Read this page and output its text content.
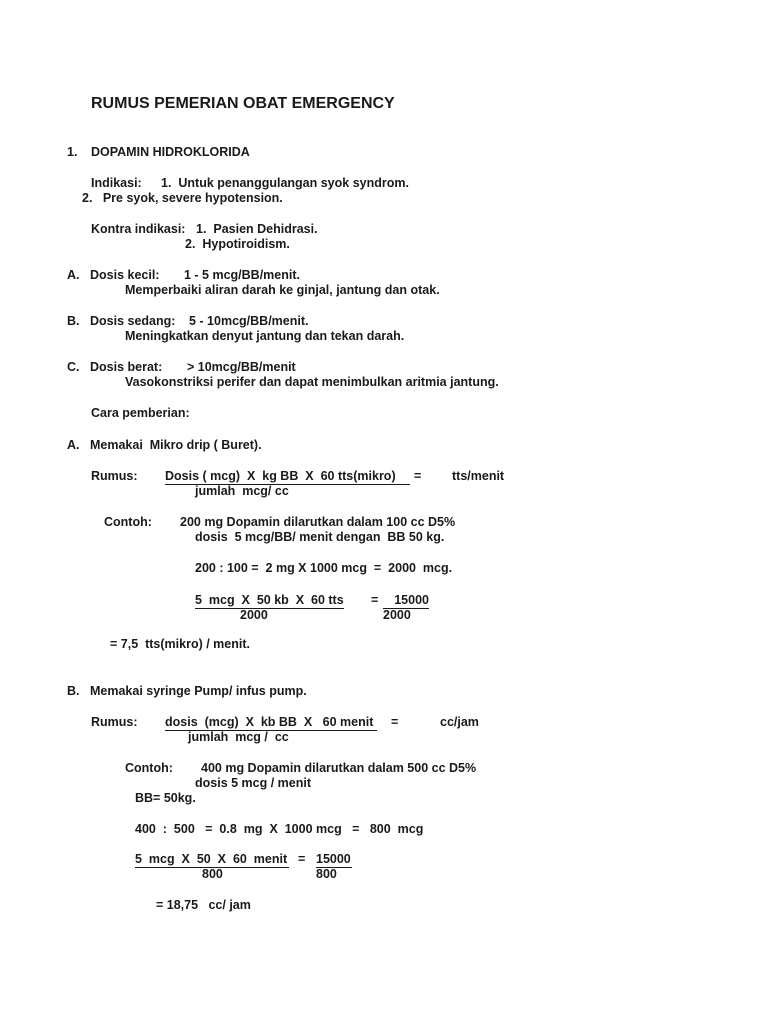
RUMUS PEMERIAN OBAT EMERGENCY
1. DOPAMIN HIDROKLORIDA
Indikasi: 1.  Untuk penanggulangan syok syndrom.
2.   Pre syok, severe hypotension.
Kontra indikasi: 1.  Pasien Dehidrasi.
2.  Hypotiroidism.
A. Dosis kecil: 1 - 5 mcg/BB/menit.
Memperbaiki aliran darah ke ginjal, jantung dan otak.
B. Dosis sedang: 5 - 10mcg/BB/menit.
Meningkatkan denyut jantung dan tekan darah.
C. Dosis berat: > 10mcg/BB/menit
Vasokonstriksi perifer dan dapat menimbulkan aritmia jantung.
Cara pemberian:
A. Memakai  Mikro drip ( Buret).
Rumus: Dosis ( mcg)  X  kg BB  X  60 tts(mikro)	= tts/menit
jumlah  mcg/ cc
Contoh: 200 mg Dopamin dilarutkan dalam 100 cc D5%
dosis  5 mcg/BB/ menit dengan  BB 50 kg.
200 : 100 =  2 mg X 1000 mcg  =  2000  mcg.
5  mcg  X  50 kb  X  60 tts =	15000
2000	2000
= 7,5  tts(mikro) / menit.
B. Memakai syringe Pump/ infus pump.
Rumus: dosis  (mcg)  X  kb BB  X   60 menit =	cc/jam
jumlah  mcg /  cc
Contoh: 400 mg Dopamin dilarutkan dalam 500 cc D5%
dosis 5 mcg / menit
BB= 50kg.
400  :  500   =  0.8  mg  X  1000 mcg   =   800  mcg
5  mcg  X  50  X  60  menit = 15000
800	800
= 18,75   cc/ jam
